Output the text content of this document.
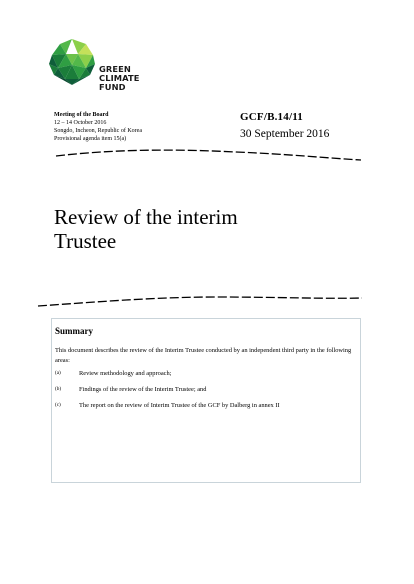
GREEN
CLIMATE
FUND
Meeting of the Board
12 – 14 October 2016
Songdo, Incheon, Republic of Korea
Provisional agenda item 15(a)
GCF/B.14/11
30 September 2016
Review of the interim
Trustee
Summary
This document describes the review of the Interim Trustee conducted by an independent third party in the following areas:
(a)	Review methodology and approach;
(b)	Findings of the review of the Interim Trustee; and
(c)	The report on the review of Interim Trustee of the GCF by Dalberg in annex II
